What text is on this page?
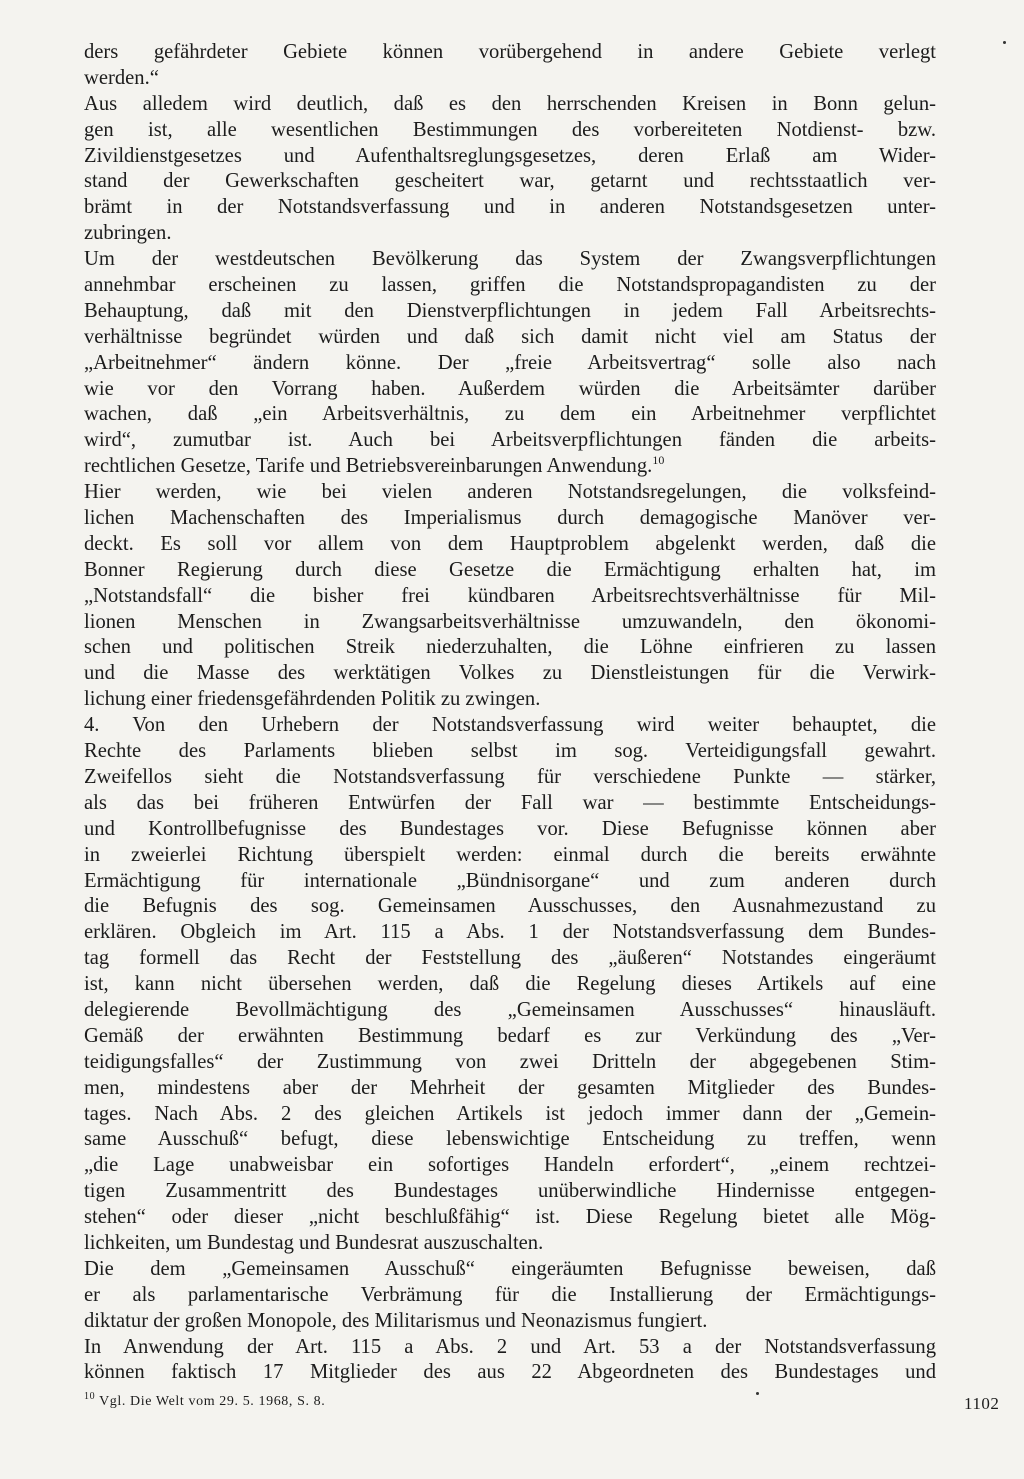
ders gefährdeter Gebiete können vorübergehend in andere Gebiete verlegt
werden.“
Aus alledem wird deutlich, daß es den herrschenden Kreisen in Bonn gelun-
gen ist, alle wesentlichen Bestimmungen des vorbereiteten Notdienst- bzw.
Zivildienstgesetzes und Aufenthaltsreglungsgesetzes, deren Erlaß am Wider-
stand der Gewerkschaften gescheitert war, getarnt und rechtsstaatlich ver-
brämt in der Notstandsverfassung und in anderen Notstandsgesetzen unter-
zubringen.
Um der westdeutschen Bevölkerung das System der Zwangsverpflichtungen
annehmbar erscheinen zu lassen, griffen die Notstandspropagandisten zu der
Behauptung, daß mit den Dienstverpflichtungen in jedem Fall Arbeitsrechts-
verhältnisse begründet würden und daß sich damit nicht viel am Status der
„Arbeitnehmer“ ändern könne. Der „freie Arbeitsvertrag“ solle also nach
wie vor den Vorrang haben. Außerdem würden die Arbeitsämter darüber
wachen, daß „ein Arbeitsverhältnis, zu dem ein Arbeitnehmer verpflichtet
wird“, zumutbar ist. Auch bei Arbeitsverpflichtungen fänden die arbeits-
rechtlichen Gesetze, Tarife und Betriebsvereinbarungen Anwendung.$^{10}$
Hier werden, wie bei vielen anderen Notstandsregelungen, die volksfeind-
lichen Machenschaften des Imperialismus durch demagogische Manöver ver-
deckt. Es soll vor allem von dem Hauptproblem abgelenkt werden, daß die
Bonner Regierung durch diese Gesetze die Ermächtigung erhalten hat, im
„Notstandsfall“ die bisher frei kündbaren Arbeitsrechtsverhältnisse für Mil-
lionen Menschen in Zwangsarbeitsverhältnisse umzuwandeln, den ökonomi-
schen und politischen Streik niederzuhalten, die Löhne einfrieren zu lassen
und die Masse des werktätigen Volkes zu Dienstleistungen für die Verwirk-
lichung einer friedensgefährdenden Politik zu zwingen.
4. Von den Urhebern der Notstandsverfassung wird weiter behauptet, die
Rechte des Parlaments blieben selbst im sog. Verteidigungsfall gewahrt.
Zweifellos sieht die Notstandsverfassung für verschiedene Punkte — stärker,
als das bei früheren Entwürfen der Fall war — bestimmte Entscheidungs-
und Kontrollbefugnisse des Bundestages vor. Diese Befugnisse können aber
in zweierlei Richtung überspielt werden: einmal durch die bereits erwähnte
Ermächtigung für internationale „Bündnisorgane“ und zum anderen durch
die Befugnis des sog. Gemeinsamen Ausschusses, den Ausnahmezustand zu
erklären. Obgleich im Art. 115 a Abs. 1 der Notstandsverfassung dem Bundes-
tag formell das Recht der Feststellung des „äußeren“ Notstandes eingeräumt
ist, kann nicht übersehen werden, daß die Regelung dieses Artikels auf eine
delegierende Bevollmächtigung des „Gemeinsamen Ausschusses“ hinausläuft.
Gemäß der erwähnten Bestimmung bedarf es zur Verkündung des „Ver-
teidigungsfalles“ der Zustimmung von zwei Dritteln der abgegebenen Stim-
men, mindestens aber der Mehrheit der gesamten Mitglieder des Bundes-
tages. Nach Abs. 2 des gleichen Artikels ist jedoch immer dann der „Gemein-
same Ausschuß“ befugt, diese lebenswichtige Entscheidung zu treffen, wenn
„die Lage unabweisbar ein sofortiges Handeln erfordert“, „einem rechtzei-
tigen Zusammentritt des Bundestages unüberwindliche Hindernisse entgegen-
stehen“ oder dieser „nicht beschlußfähig“ ist. Diese Regelung bietet alle Mög-
lichkeiten, um Bundestag und Bundesrat auszuschalten.
Die dem „Gemeinsamen Ausschuß“ eingeräumten Befugnisse beweisen, daß
er als parlamentarische Verbrämung für die Installierung der Ermächtigungs-
diktatur der großen Monopole, des Militarismus und Neonazismus fungiert.
In Anwendung der Art. 115 a Abs. 2 und Art. 53 a der Notstandsverfassung
können faktisch 17 Mitglieder des aus 22 Abgeordneten des Bundestages und
$^{10}$ Vgl. Die Welt vom 29. 5. 1968, S. 8.	1102
